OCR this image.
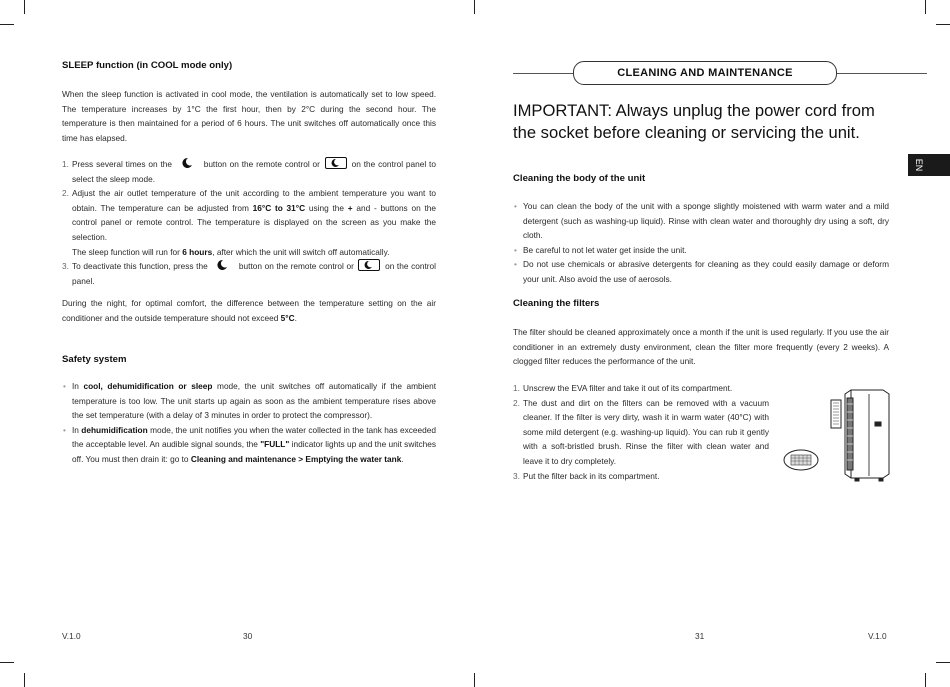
SLEEP function (in COOL mode only)

When the sleep function is activated in cool mode, the ventilation is automatically set to low speed. The temperature increases by 1°C the first hour, then by 2°C during the second hour. The temperature is then maintained for a period of 6 hours. The unit switches off automatically once this time has elapsed.

1. Press several times on the	button on the remote control or	on the control panel to select the sleep mode.
2. Adjust the air outlet temperature of the unit according to the ambient temperature you want to obtain. The temperature can be adjusted from 16°C to 31°C using the + and - buttons on the control panel or remote control. The temperature is displayed on the screen as you make the selection.
The sleep function will run for 6 hours, after which the unit will switch off automatically.
3. To deactivate this function, press the	button on the remote control or	on the control panel.

During the night, for optimal comfort, the difference between the temperature setting on the air conditioner and the outside temperature should not exceed 5°C.

Safety system
• In cool, dehumidification or sleep mode, the unit switches off automatically if the ambient temperature is too low. The unit starts up again as soon as the ambient temperature rises above the set temperature (with a delay of 3 minutes in order to protect the compressor).
• In dehumidification mode, the unit notifies you when the water collected in the tank has exceeded the acceptable level. An audible signal sounds, the "FULL" indicator lights up and the unit switches off. You must then drain it: go to Cleaning and maintenance > Emptying the water tank.
V.1.0	30
CLEANING AND MAINTENANCE

IMPORTANT: Always unplug the power cord from the socket before cleaning or servicing the unit.

Cleaning the body of the unit
• You can clean the body of the unit with a sponge slightly moistened with warm water and a mild detergent (such as washing-up liquid). Rinse with clean water and thoroughly dry using a soft, dry cloth.
• Be careful to not let water get inside the unit.
• Do not use chemicals or abrasive detergents for cleaning as they could easily damage or deform your unit. Also avoid the use of aerosols.
Cleaning the filters

The filter should be cleaned approximately once a month if the unit is used regularly. If you use the air conditioner in an extremely dusty environment, clean the filter more frequently (every 2 weeks). A clogged filter reduces the performance of the unit.

1. Unscrew the EVA filter and take it out of its compartment.
2. The dust and dirt on the filters can be removed with a vacuum cleaner. If the filter is very dirty, wash it in warm water (40°C) with some mild detergent (e.g. washing-up liquid). You can rub it gently with a soft-bristled brush. Rinse the filter with clean water and leave it to dry completely.
3. Put the filter back in its compartment.
EN
31	V.1.0
